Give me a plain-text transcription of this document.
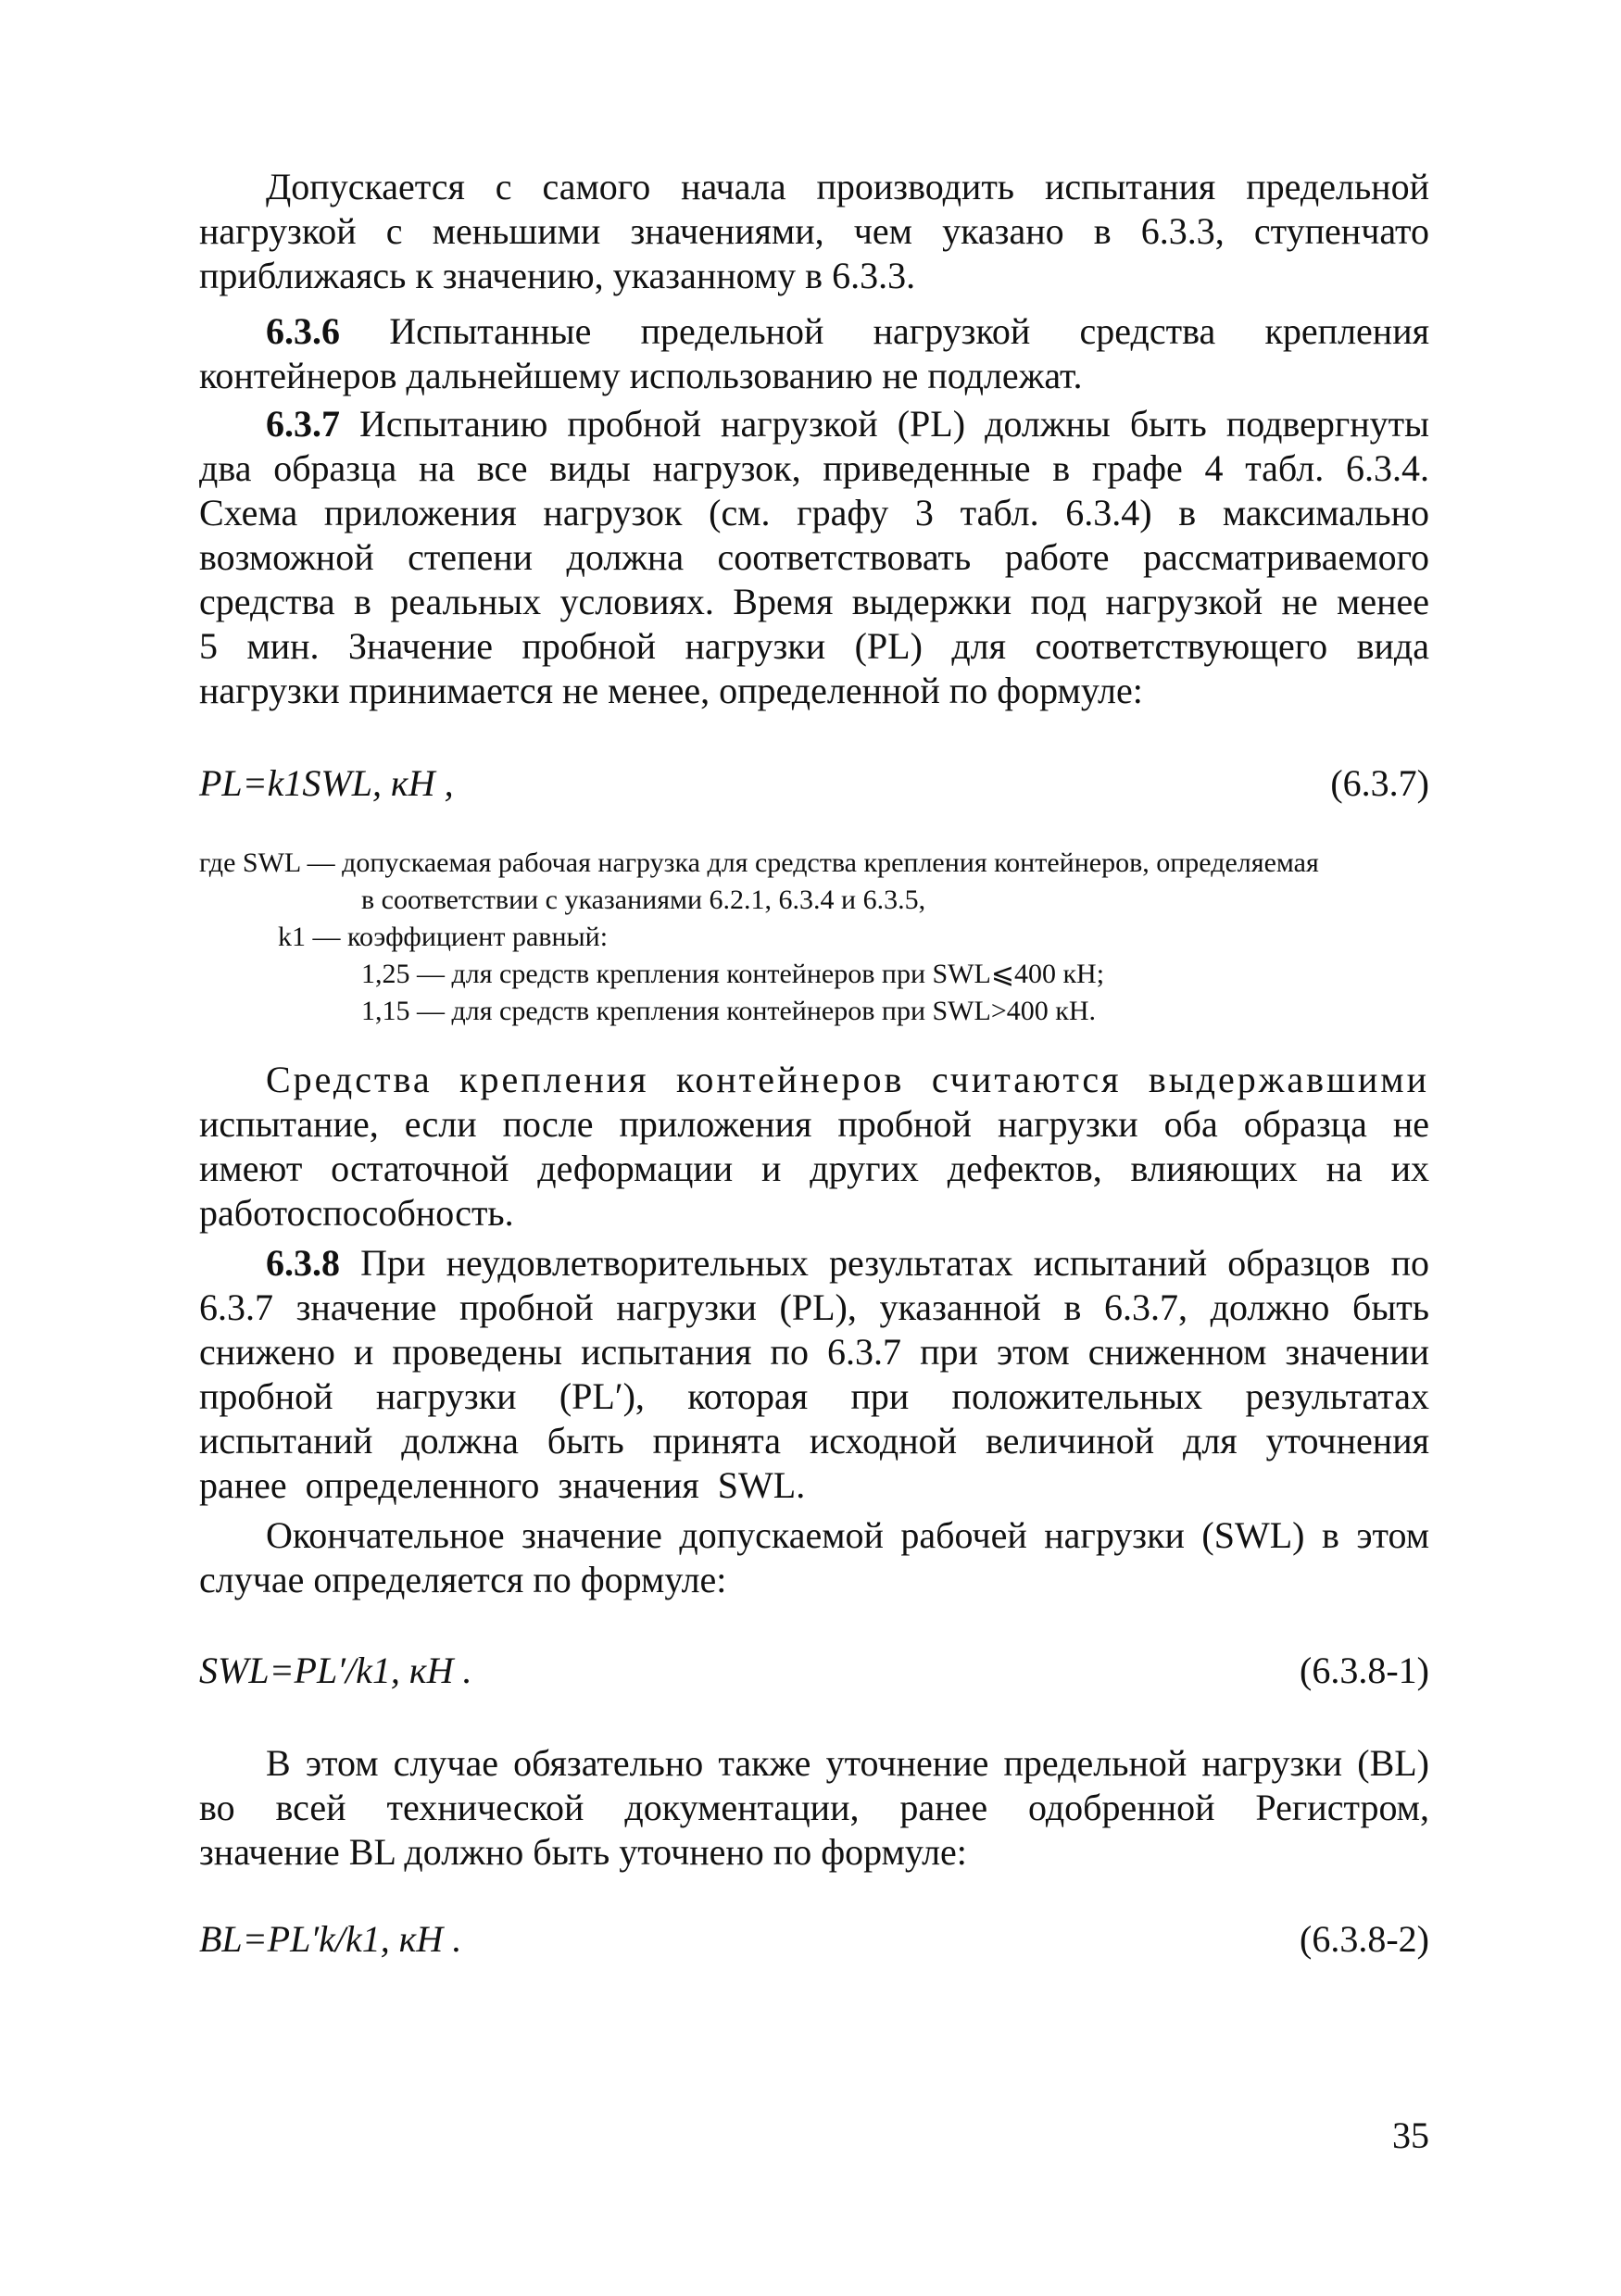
Допускается с самого начала производить испытания предельной
нагрузкой с меньшими значениями, чем указано в 6.3.3, ступенчато
приближаясь к значению, указанному в 6.3.3.
6.3.6 Испытанные предельной нагрузкой средства крепления
контейнеров дальнейшему использованию не подлежат.
6.3.7 Испытанию пробной нагрузкой (PL) должны быть подвергнуты
два образца на все виды нагрузок, приведенные в графе 4 табл. 6.3.4.
Схема приложения нагрузок (см. графу 3 табл. 6.3.4) в максимально
возможной степени должна соответствовать работе рассматриваемого
средства в реальных условиях. Время выдержки под нагрузкой не менее
5 мин. Значение пробной нагрузки (PL) для соответствующего вида
нагрузки принимается не менее, определенной по формуле:
PL=k1SWL, кН ,	(6.3.7)
где SWL — допускаемая рабочая нагрузка для средства крепления контейнеров, определяемая
в соответствии с указаниями 6.2.1, 6.3.4 и 6.3.5,
k1 — коэффициент равный:
1,25 — для средств крепления контейнеров при SWL⩽400 кН;
1,15 — для средств крепления контейнеров при SWL>400 кН.
Средства крепления контейнеров считаются выдержавшими
испытание, если после приложения пробной нагрузки оба образца не
имеют остаточной деформации и других дефектов, влияющих на их
работоспособность.
6.3.8 При неудовлетворительных результатах испытаний образцов по
6.3.7 значение пробной нагрузки (PL), указанной в 6.3.7, должно быть
снижено и проведены испытания по 6.3.7 при этом сниженном значении
пробной нагрузки (PL′), которая при положительных результатах
испытаний должна быть принята исходной величиной для уточнения
ранее определенного значения SWL.
Окончательное значение допускаемой рабочей нагрузки (SWL) в этом
случае определяется по формуле:
SWL=PL′/k1, кН .	(6.3.8-1)
В этом случае обязательно также уточнение предельной нагрузки (BL)
во всей технической документации, ранее одобренной Регистром,
значение BL должно быть уточнено по формуле:
BL=PL′k/k1, кН .	(6.3.8-2)
35
